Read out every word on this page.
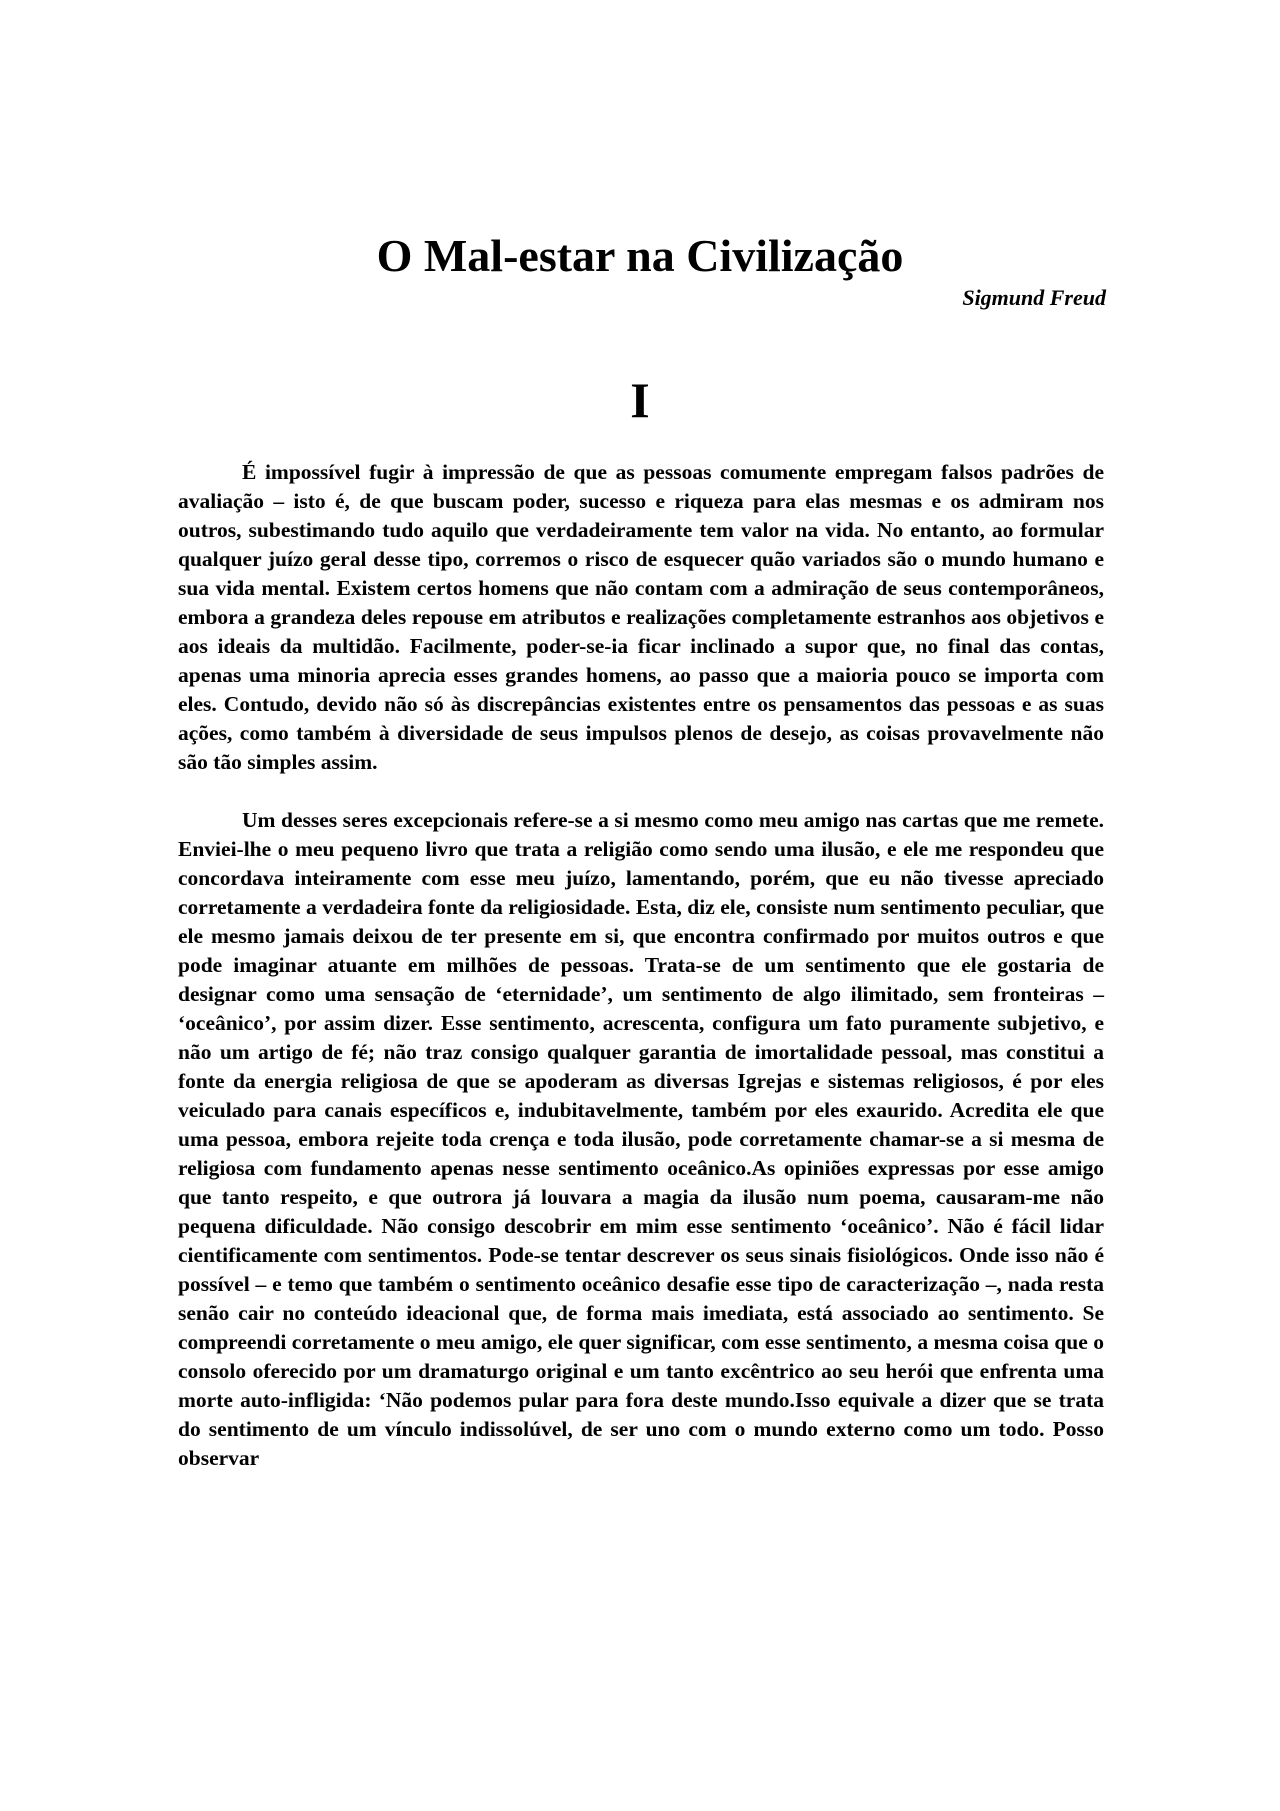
O Mal-estar na Civilização
Sigmund Freud
I

É impossível fugir à impressão de que as pessoas comumente empregam falsos padrões de avaliação – isto é, de que buscam poder, sucesso e riqueza para elas mesmas e os admiram nos outros, subestimando tudo aquilo que verdadeiramente tem valor na vida. No entanto, ao formular qualquer juízo geral desse tipo, corremos o risco de esquecer quão variados são o mundo humano e sua vida mental. Existem certos homens que não contam com a admiração de seus contemporâneos, embora a grandeza deles repouse em atributos e realizações completamente estranhos aos objetivos e aos ideais da multidão. Facilmente, poder-se-ia ficar inclinado a supor que, no final das contas, apenas uma minoria aprecia esses grandes homens, ao passo que a maioria pouco se importa com eles. Contudo, devido não só às discrepâncias existentes entre os pensamentos das pessoas e as suas ações, como também à diversidade de seus impulsos plenos de desejo, as coisas provavelmente não são tão simples assim.

Um desses seres excepcionais refere-se a si mesmo como meu amigo nas cartas que me remete. Enviei-lhe o meu pequeno livro que trata a religião como sendo uma ilusão, e ele me respondeu que concordava inteiramente com esse meu juízo, lamentando, porém, que eu não tivesse apreciado corretamente a verdadeira fonte da religiosidade. Esta, diz ele, consiste num sentimento peculiar, que ele mesmo jamais deixou de ter presente em si, que encontra confirmado por muitos outros e que pode imaginar atuante em milhões de pessoas. Trata-se de um sentimento que ele gostaria de designar como uma sensação de ‘eternidade’, um sentimento de algo ilimitado, sem fronteiras – ‘oceânico’, por assim dizer. Esse sentimento, acrescenta, configura um fato puramente subjetivo, e não um artigo de fé; não traz consigo qualquer garantia de imortalidade pessoal, mas constitui a fonte da energia religiosa de que se apoderam as diversas Igrejas e sistemas religiosos, é por eles veiculado para canais específicos e, indubitavelmente, também por eles exaurido. Acredita ele que uma pessoa, embora rejeite toda crença e toda ilusão, pode corretamente chamar-se a si mesma de religiosa com fundamento apenas nesse sentimento oceânico.As opiniões expressas por esse amigo que tanto respeito, e que outrora já louvara a magia da ilusão num poema, causaram-me não pequena dificuldade. Não consigo descobrir em mim esse sentimento ‘oceânico’. Não é fácil lidar cientificamente com sentimentos. Pode-se tentar descrever os seus sinais fisiológicos. Onde isso não é possível – e temo que também o sentimento oceânico desafie esse tipo de caracterização –, nada resta senão cair no conteúdo ideacional que, de forma mais imediata, está associado ao sentimento. Se compreendi corretamente o meu amigo, ele quer significar, com esse sentimento, a mesma coisa que o consolo oferecido por um dramaturgo original e um tanto excêntrico ao seu herói que enfrenta uma morte auto-infligida: ‘Não podemos pular para fora deste mundo.Isso equivale a dizer que se trata do sentimento de um vínculo indissolúvel, de ser uno com o mundo externo como um todo. Posso observar
